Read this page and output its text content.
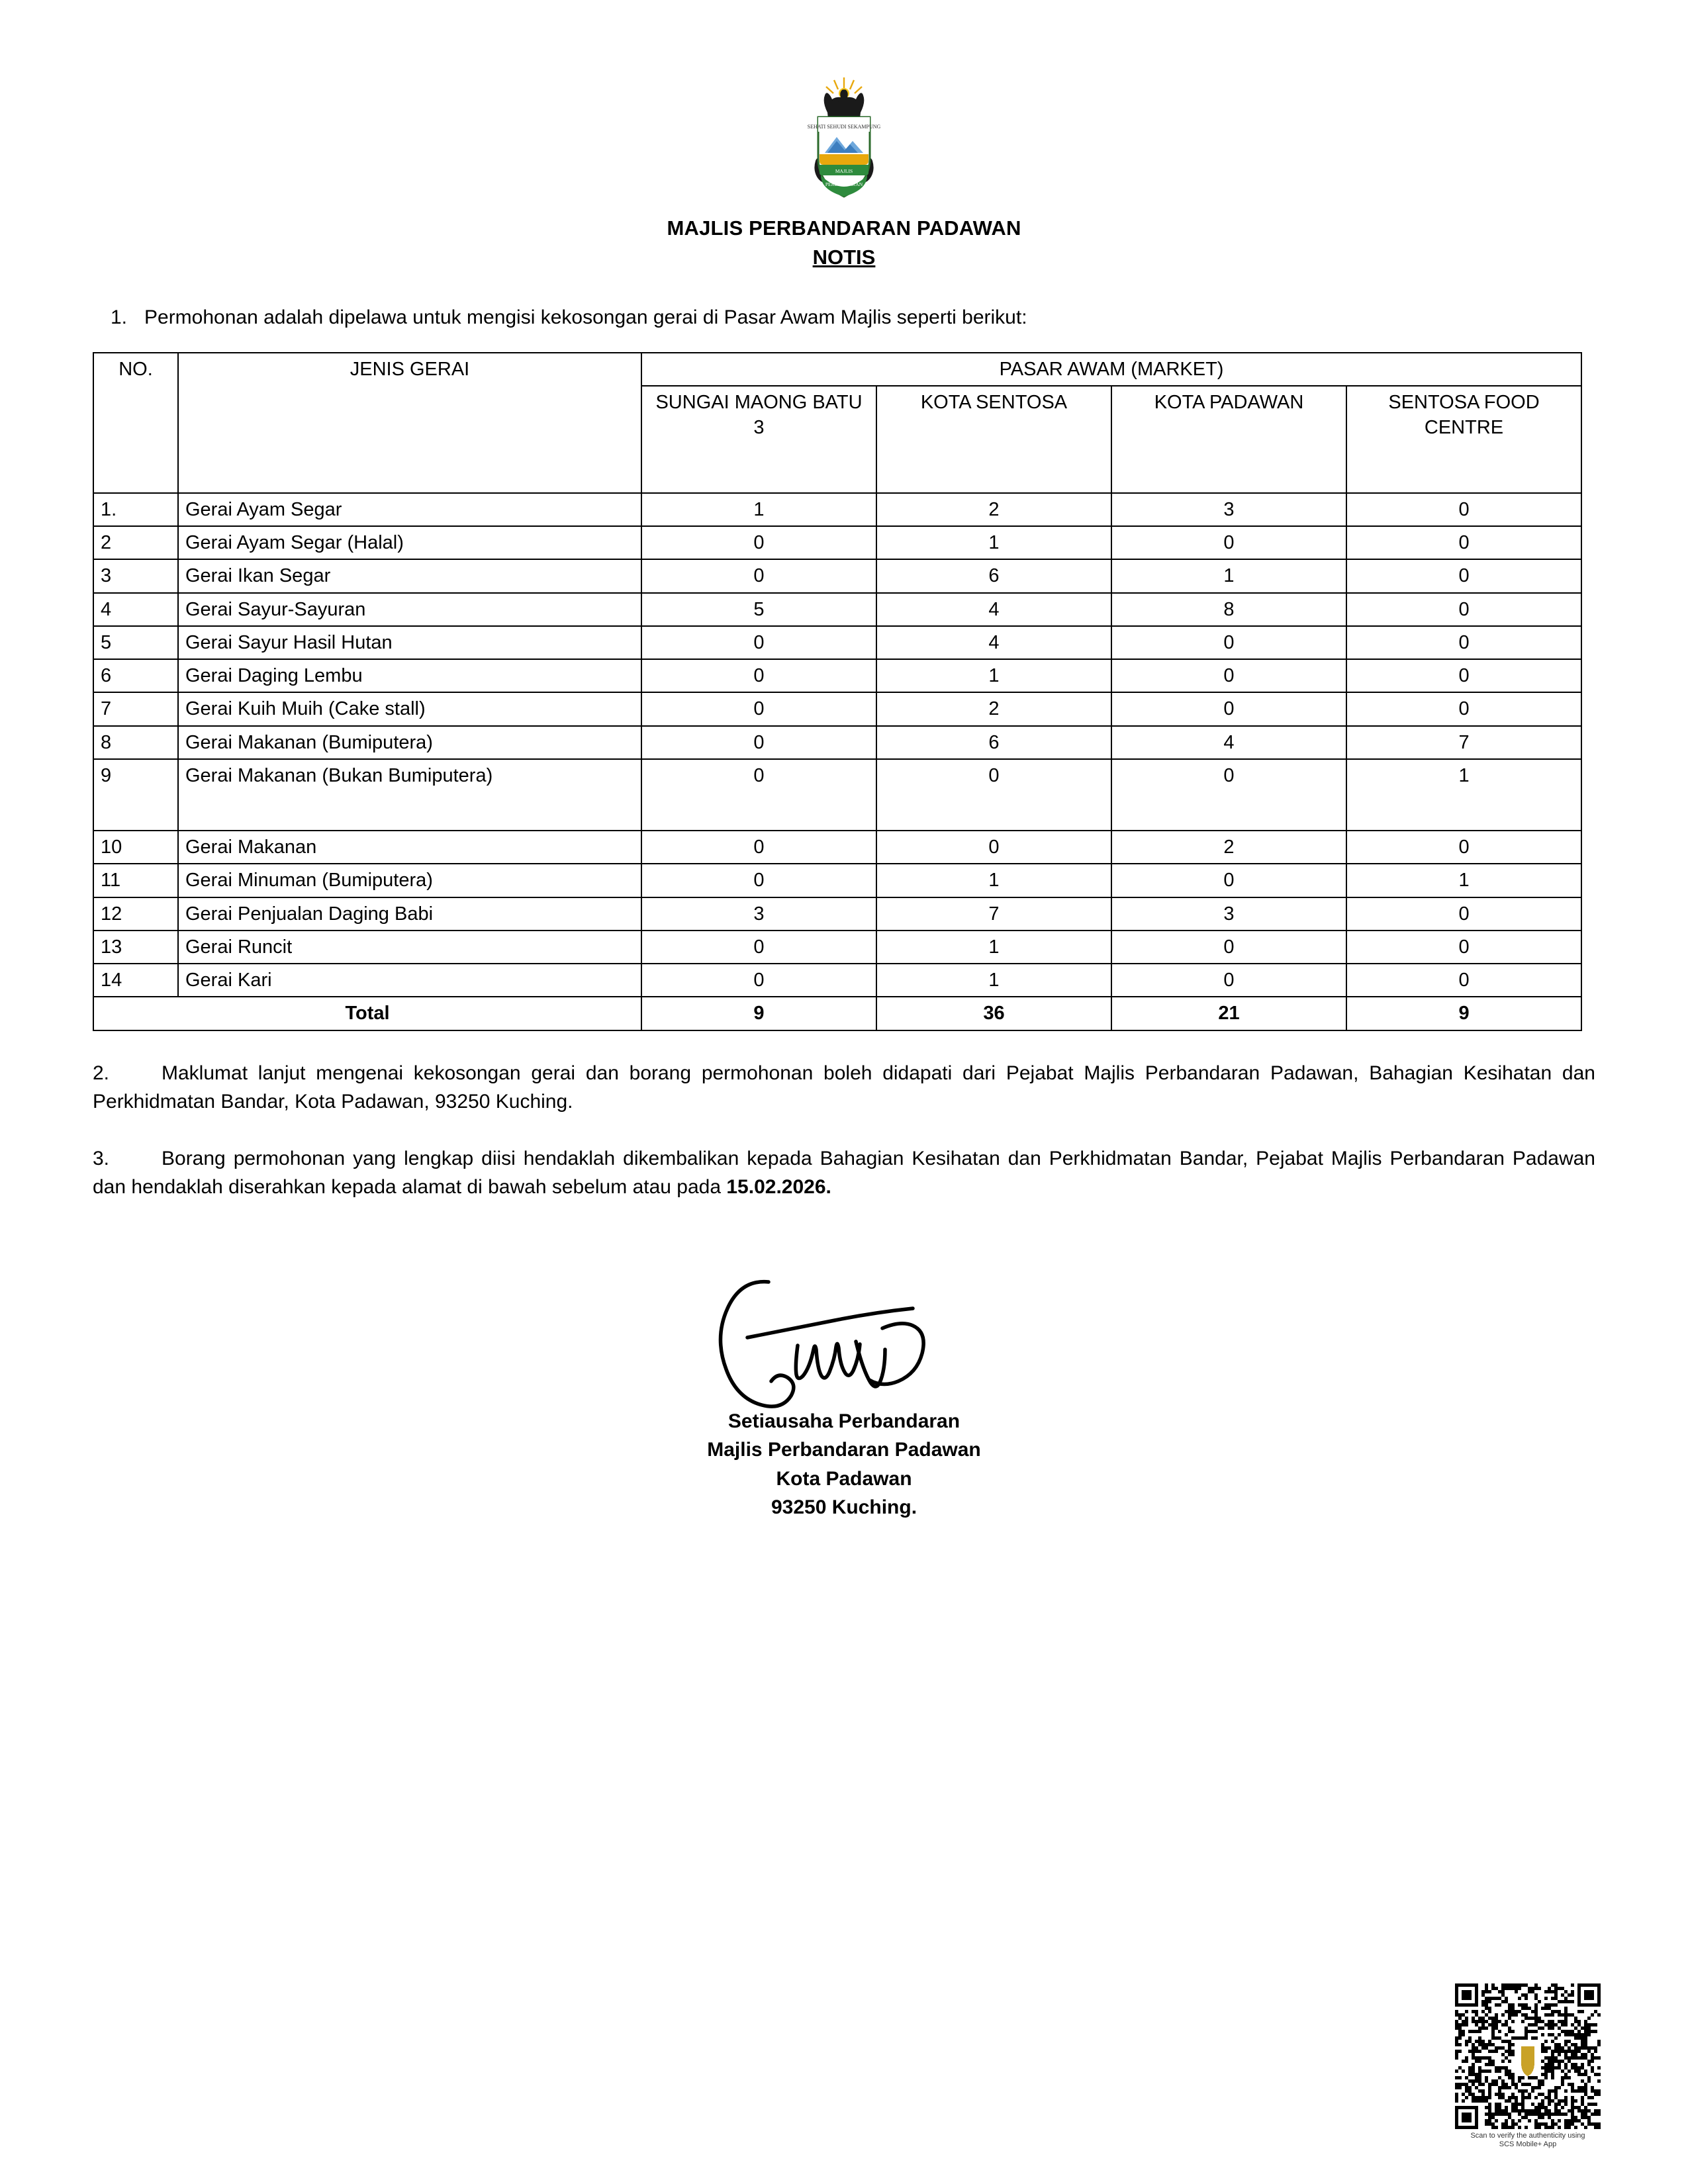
SEHATI SEHUDI SEKAMPUNG
MAJLIS
PERBANDARAN
MAJLIS PERBANDARAN PADAWAN
NOTIS
1. Permohonan adalah dipelawa untuk mengisi kekosongan gerai di Pasar Awam Majlis seperti berikut:
NO.	JENIS GERAI	PASAR AWAM (MARKET)			
		SUNGAI MAONG BATU 3	KOTA SENTOSA	KOTA PADAWAN	SENTOSA FOOD CENTRE
1.	Gerai Ayam Segar	1	2	3	0
2	Gerai Ayam Segar (Halal)	0	1	0	0
3	Gerai Ikan Segar	0	6	1	0
4	Gerai Sayur-Sayuran	5	4	8	0
5	Gerai Sayur Hasil Hutan	0	4	0	0
6	Gerai Daging Lembu	0	1	0	0
7	Gerai Kuih Muih (Cake stall)	0	2	0	0
8	Gerai Makanan (Bumiputera)	0	6	4	7
9	Gerai Makanan (Bukan Bumiputera)	0	0	0	1
10	Gerai Makanan	0	0	2	0
11	Gerai Minuman (Bumiputera)	0	1	0	1
12	Gerai Penjualan Daging Babi	3	7	3	0
13	Gerai Runcit	0	1	0	0
14	Gerai Kari	0	1	0	0
Total		9	36	21	9
2.	Maklumat lanjut mengenai kekosongan gerai dan borang permohonan boleh didapati dari Pejabat Majlis Perbandaran Padawan, Bahagian Kesihatan dan Perkhidmatan Bandar, Kota Padawan, 93250 Kuching.
3.	Borang permohonan yang lengkap diisi hendaklah dikembalikan kepada Bahagian Kesihatan dan Perkhidmatan Bandar, Pejabat Majlis Perbandaran Padawan dan hendaklah diserahkan kepada alamat di bawah sebelum atau pada 15.02.2026.
Setiausaha Perbandaran
Majlis Perbandaran Padawan
Kota Padawan
93250 Kuching.
Scan to verify the authenticity using
SCS Mobile+ App
